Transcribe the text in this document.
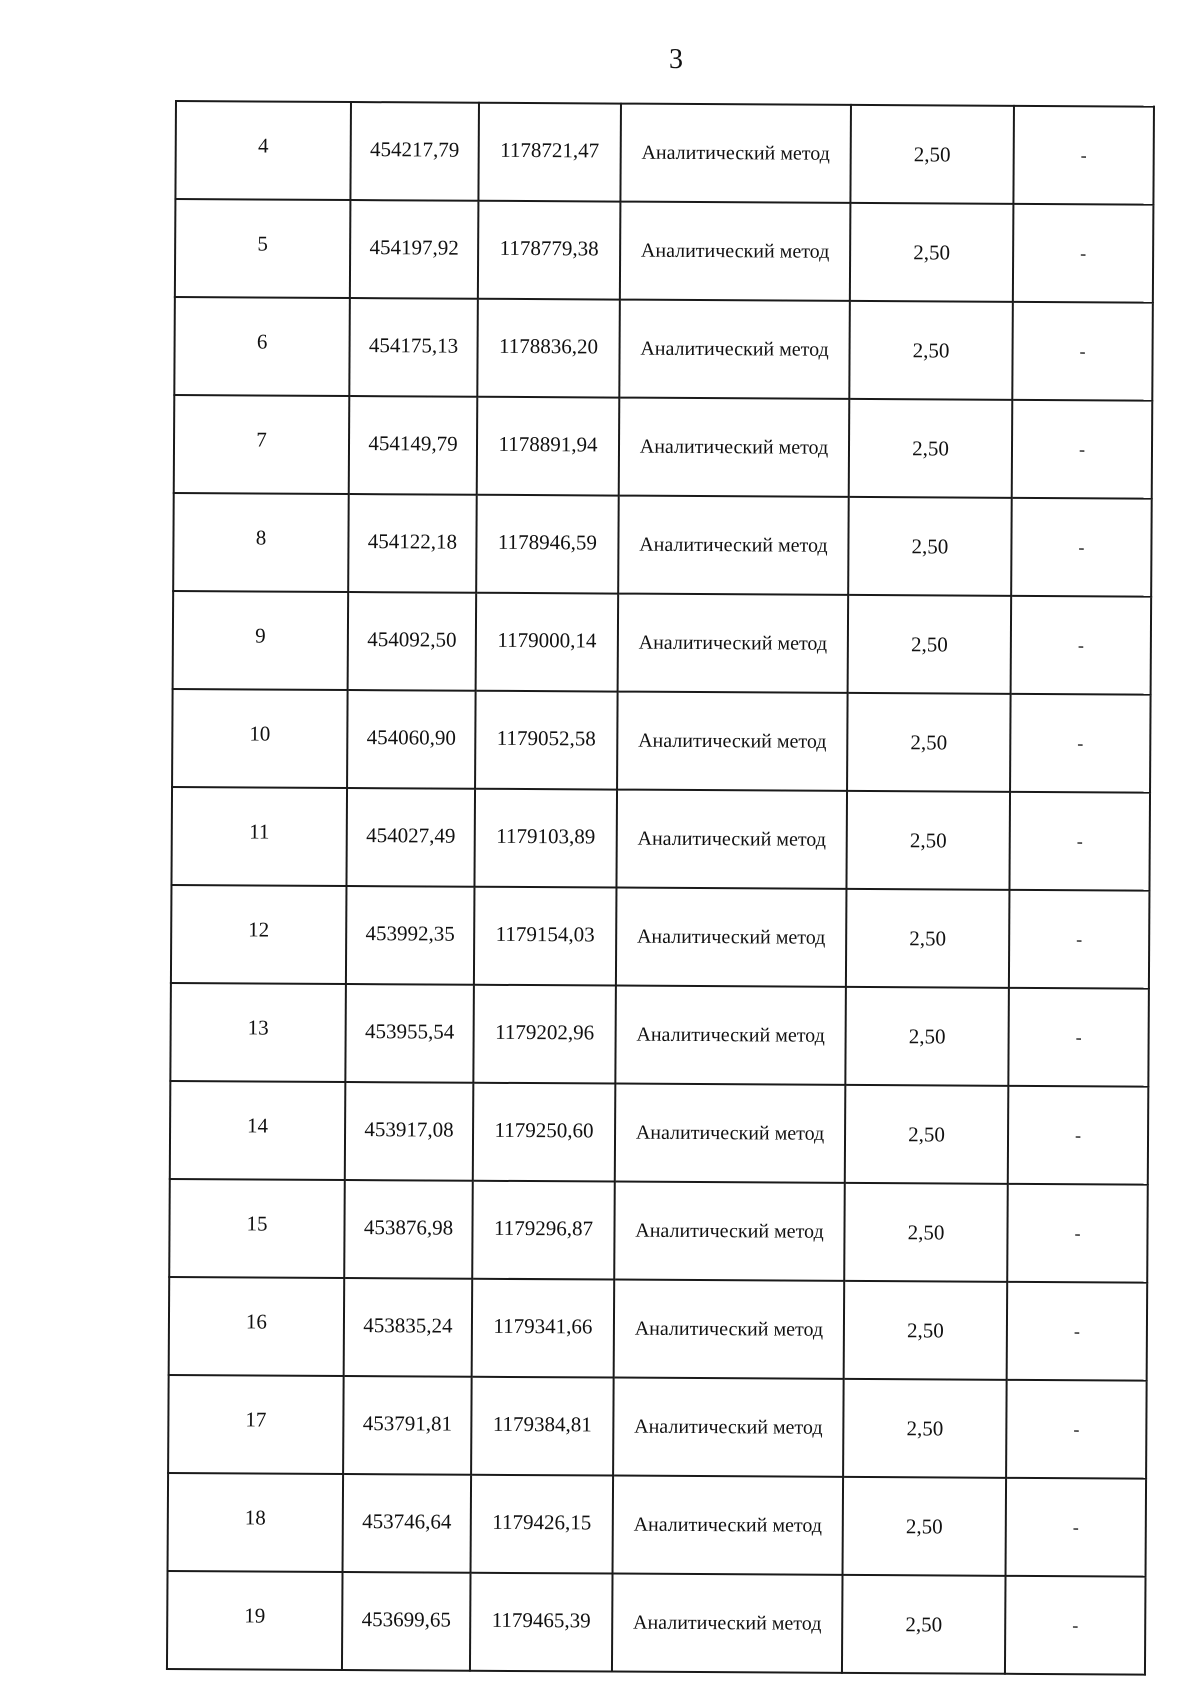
3
4	454217,79	1178721,47	Аналитический метод	2,50	-
5	454197,92	1178779,38	Аналитический метод	2,50	-
6	454175,13	1178836,20	Аналитический метод	2,50	-
7	454149,79	1178891,94	Аналитический метод	2,50	-
8	454122,18	1178946,59	Аналитический метод	2,50	-
9	454092,50	1179000,14	Аналитический метод	2,50	-
10	454060,90	1179052,58	Аналитический метод	2,50	-
11	454027,49	1179103,89	Аналитический метод	2,50	-
12	453992,35	1179154,03	Аналитический метод	2,50	-
13	453955,54	1179202,96	Аналитический метод	2,50	-
14	453917,08	1179250,60	Аналитический метод	2,50	-
15	453876,98	1179296,87	Аналитический метод	2,50	-
16	453835,24	1179341,66	Аналитический метод	2,50	-
17	453791,81	1179384,81	Аналитический метод	2,50	-
18	453746,64	1179426,15	Аналитический метод	2,50	-
19	453699,65	1179465,39	Аналитический метод	2,50	-
